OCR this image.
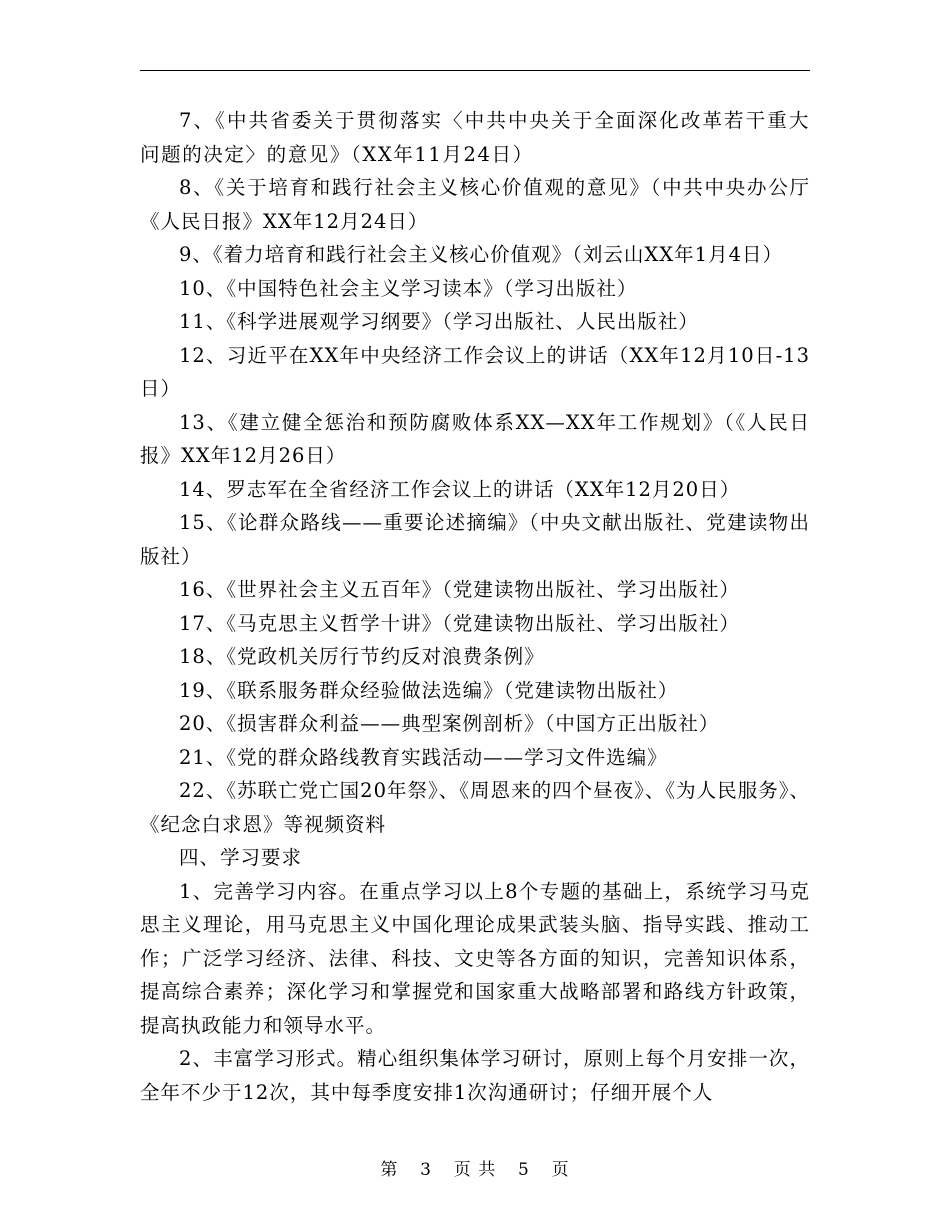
7、《中共省委关于贯彻落实〈中共中央关于全面深化改革若干重大问题的决定〉的意见》（XX年11月24日）

8、《关于培育和践行社会主义核心价值观的意见》（中共中央办公厅《人民日报》XX年12月24日）

9、《着力培育和践行社会主义核心价值观》（刘云山XX年1月4日）

10、《中国特色社会主义学习读本》（学习出版社）

11、《科学进展观学习纲要》（学习出版社、人民出版社）

12、习近平在XX年中央经济工作会议上的讲话（XX年12月10日-13日）

13、《建立健全惩治和预防腐败体系XX—XX年工作规划》（《人民日报》XX年12月26日）

14、罗志军在全省经济工作会议上的讲话（XX年12月20日）

15、《论群众路线——重要论述摘编》（中央文献出版社、党建读物出版社）

16、《世界社会主义五百年》（党建读物出版社、学习出版社）

17、《马克思主义哲学十讲》（党建读物出版社、学习出版社）

18、《党政机关厉行节约反对浪费条例》

19、《联系服务群众经验做法选编》（党建读物出版社）

20、《损害群众利益——典型案例剖析》（中国方正出版社）

21、《党的群众路线教育实践活动——学习文件选编》

22、《苏联亡党亡国20年祭》、《周恩来的四个昼夜》、《为人民服务》、《纪念白求恩》等视频资料

四、学习要求

1、完善学习内容。在重点学习以上8个专题的基础上，系统学习马克思主义理论，用马克思主义中国化理论成果武装头脑、指导实践、推动工作；广泛学习经济、法律、科技、文史等各方面的知识，完善知识体系，提高综合素养；深化学习和掌握党和国家重大战略部署和路线方针政策，提高执政能力和领导水平。

2、丰富学习形式。精心组织集体学习研讨，原则上每个月安排一次，全年不少于12次，其中每季度安排1次沟通研讨；仔细开展个人

第 3 页 共 5 页
